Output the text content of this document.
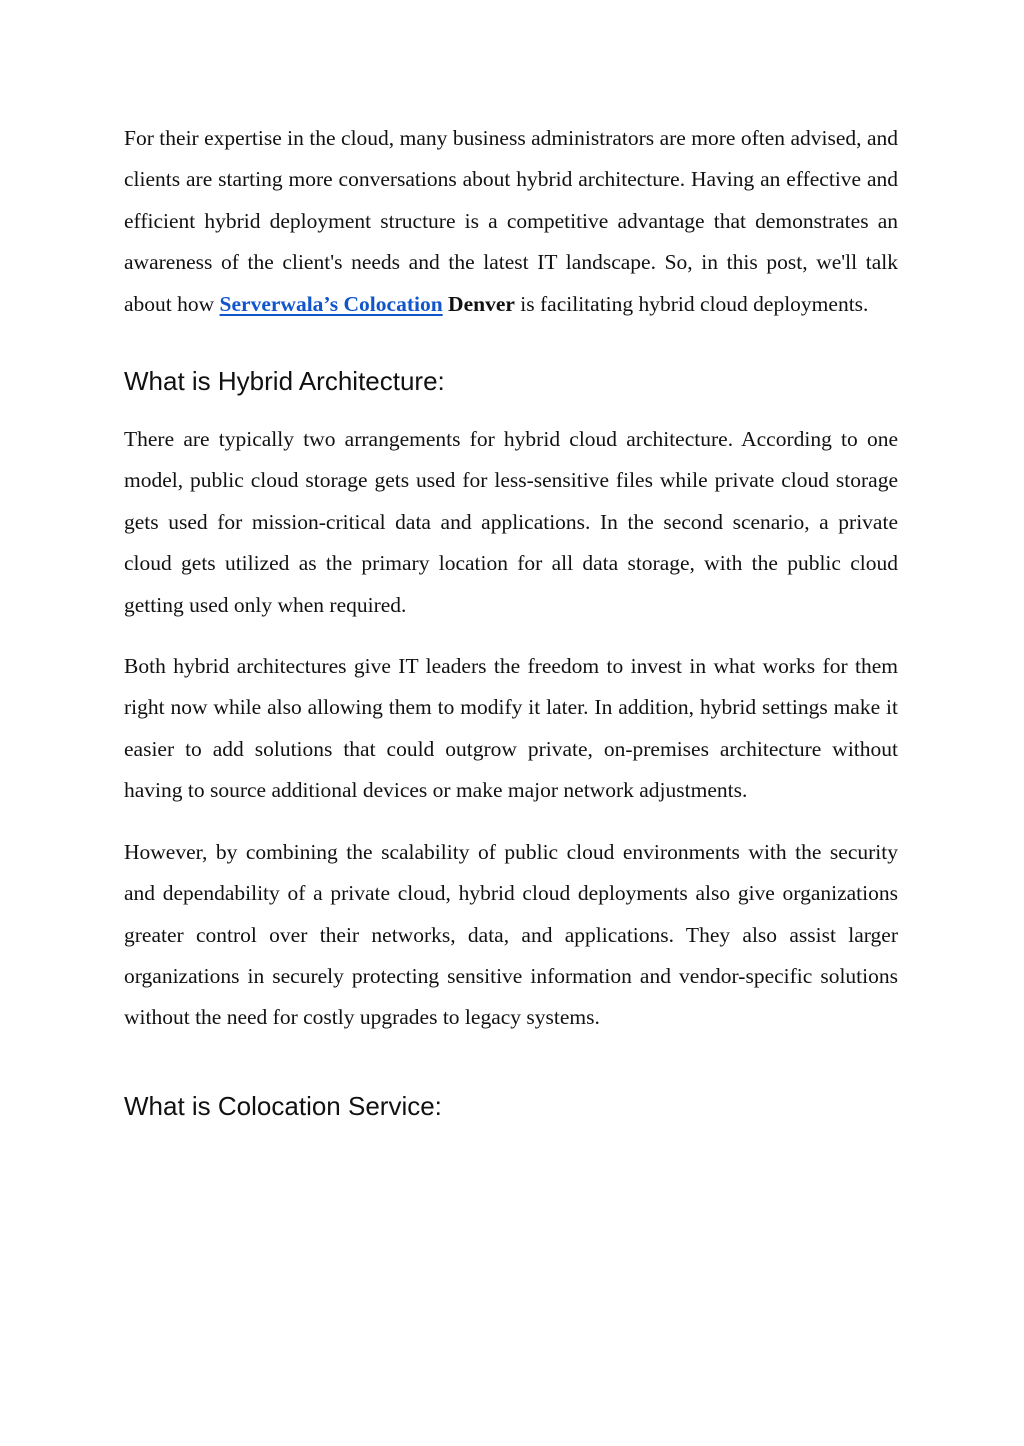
For their expertise in the cloud, many business administrators are more often advised, and clients are starting more conversations about hybrid architecture. Having an effective and efficient hybrid deployment structure is a competitive advantage that demonstrates an awareness of the client's needs and the latest IT landscape. So, in this post, we'll talk about how Serverwala’s Colocation Denver is facilitating hybrid cloud deployments.

What is Hybrid Architecture:

There are typically two arrangements for hybrid cloud architecture. According to one model, public cloud storage gets used for less-sensitive files while private cloud storage gets used for mission-critical data and applications. In the second scenario, a private cloud gets utilized as the primary location for all data storage, with the public cloud getting used only when required.

Both hybrid architectures give IT leaders the freedom to invest in what works for them right now while also allowing them to modify it later. In addition, hybrid settings make it easier to add solutions that could outgrow private, on-premises architecture without having to source additional devices or make major network adjustments.

However, by combining the scalability of public cloud environments with the security and dependability of a private cloud, hybrid cloud deployments also give organizations greater control over their networks, data, and applications. They also assist larger organizations in securely protecting sensitive information and vendor-specific solutions without the need for costly upgrades to legacy systems.

What is Colocation Service:
